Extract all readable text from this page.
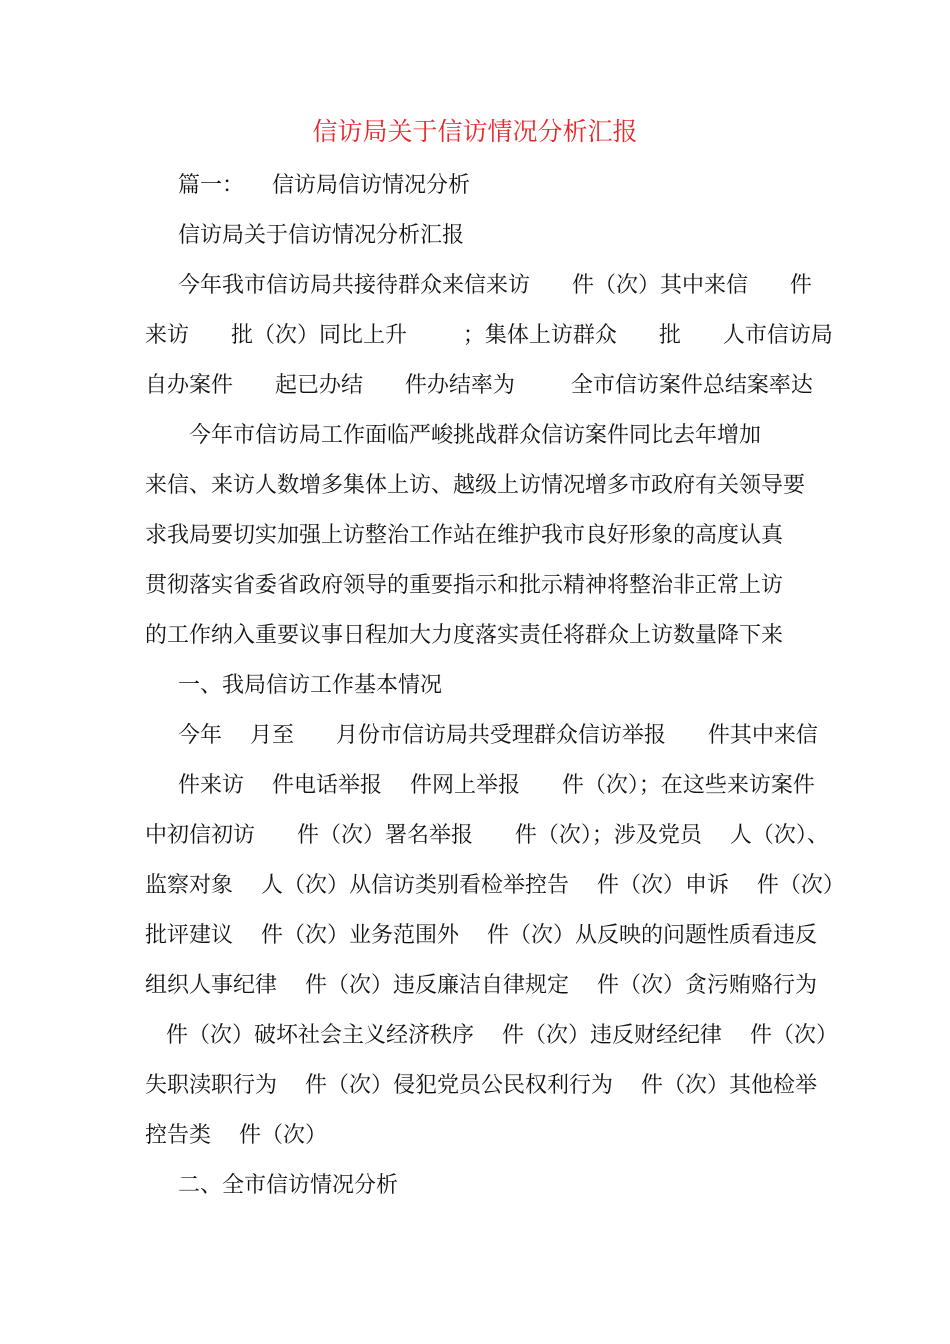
信访局关于信访情况分析汇报
篇一：    信访局信访情况分析
信访局关于信访情况分析汇报
今年我市信访局共接待群众来信来访      件（次）其中来信      件
来访      批（次）同比上升        ；集体上访群众      批      人市信访局
自办案件      起已办结      件办结率为        全市信访案件总结案率达
今年市信访局工作面临严峻挑战群众信访案件同比去年增加
来信、来访人数增多集体上访、越级上访情况增多市政府有关领导要
求我局要切实加强上访整治工作站在维护我市良好形象的高度认真
贯彻落实省委省政府领导的重要指示和批示精神将整治非正常上访
的工作纳入重要议事日程加大力度落实责任将群众上访数量降下来
一、我局信访工作基本情况
今年    月至      月份市信访局共受理群众信访举报      件其中来信
件来访    件电话举报    件网上举报      件（次）；在这些来访案件
中初信初访      件（次）署名举报      件（次）；涉及党员    人（次）、
监察对象    人（次）从信访类别看检举控告    件（次）申诉    件（次）
批评建议    件（次）业务范围外    件（次）从反映的问题性质看违反
组织人事纪律    件（次）违反廉洁自律规定    件（次）贪污贿赂行为
件（次）破坏社会主义经济秩序    件（次）违反财经纪律    件（次）
失职渎职行为    件（次）侵犯党员公民权利行为    件（次）其他检举
控告类    件（次）
二、全市信访情况分析
